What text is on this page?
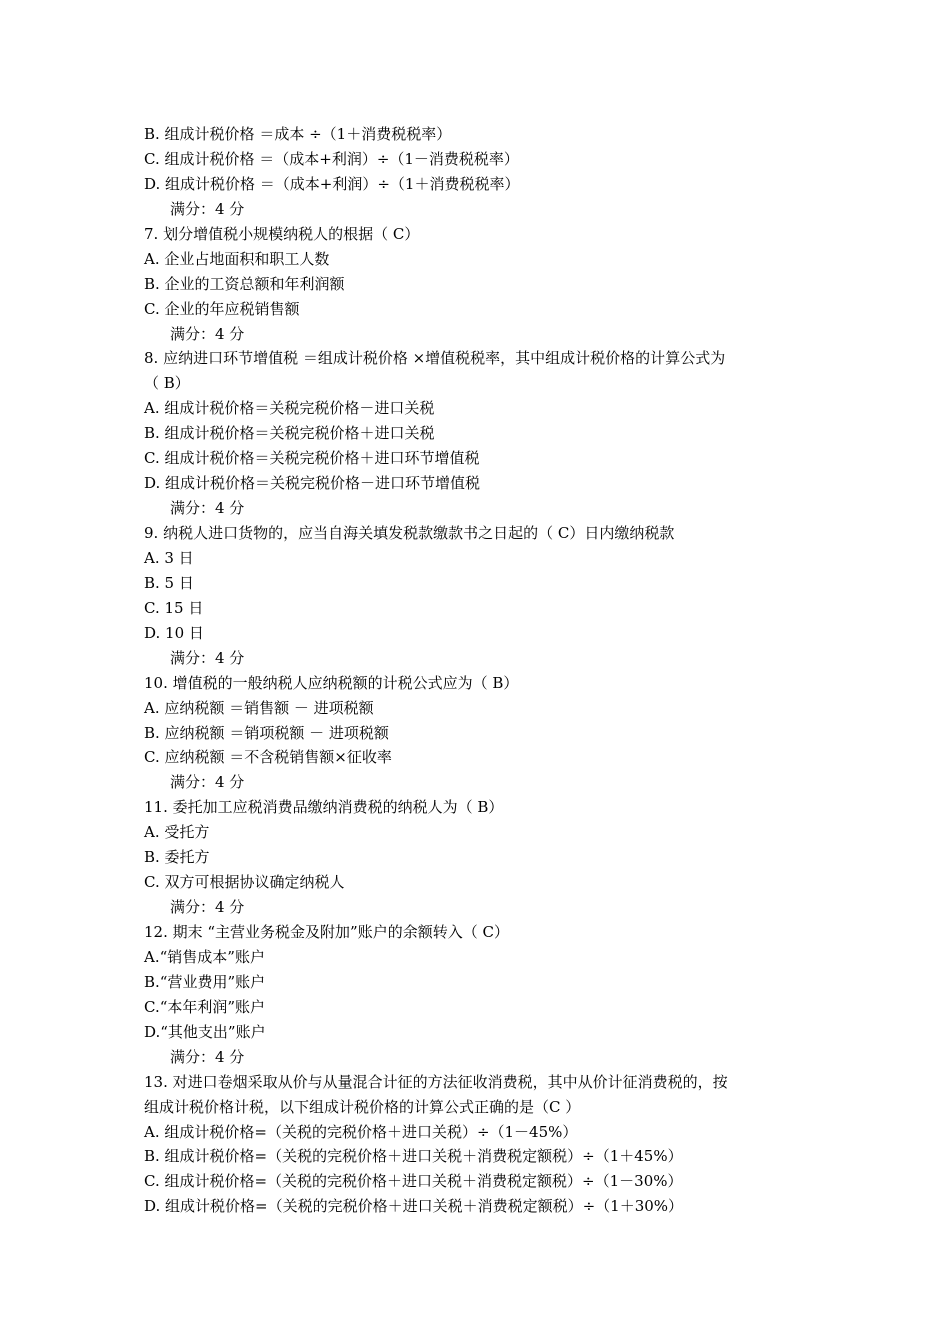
B. 组成计税价格 ＝成本 ÷（1＋消费税税率）
C. 组成计税价格 ＝（成本+利润）÷（1－消费税税率）
D. 组成计税价格 ＝（成本+利润）÷（1＋消费税税率）
满分：4 分
7. 划分增值税小规模纳税人的根据（ C）
A. 企业占地面积和职工人数
B. 企业的工资总额和年利润额
C. 企业的年应税销售额
满分：4 分
8. 应纳进口环节增值税 ＝组成计税价格 ×增值税税率，其中组成计税价格的计算公式为
（ B）
A. 组成计税价格＝关税完税价格－进口关税
B. 组成计税价格＝关税完税价格＋进口关税
C. 组成计税价格＝关税完税价格＋进口环节增值税
D. 组成计税价格＝关税完税价格－进口环节增值税
满分：4 分
9. 纳税人进口货物的，应当自海关填发税款缴款书之日起的（ C）日内缴纳税款
A. 3 日
B. 5 日
C. 15 日
D. 10 日
满分：4 分
10. 增值税的一般纳税人应纳税额的计税公式应为（ B）
A. 应纳税额 ＝销售额 － 进项税额
B. 应纳税额 ＝销项税额 － 进项税额
C. 应纳税额 ＝不含税销售额×征收率
满分：4 分
11. 委托加工应税消费品缴纳消费税的纳税人为（ B）
A. 受托方
B. 委托方
C. 双方可根据协议确定纳税人
满分：4 分
12. 期末 “主营业务税金及附加”账户的余额转入（ C）
A.“销售成本”账户
B.“营业费用”账户
C.“本年利润”账户
D.“其他支出”账户
满分：4 分
13. 对进口卷烟采取从价与从量混合计征的方法征收消费税，其中从价计征消费税的，按
组成计税价格计税，以下组成计税价格的计算公式正确的是（C ）
A. 组成计税价格=（关税的完税价格＋进口关税）÷（1－45%）
B. 组成计税价格=（关税的完税价格＋进口关税＋消费税定额税）÷（1＋45%）
C. 组成计税价格=（关税的完税价格＋进口关税＋消费税定额税）÷（1－30%）
D. 组成计税价格=（关税的完税价格＋进口关税＋消费税定额税）÷（1＋30%）
